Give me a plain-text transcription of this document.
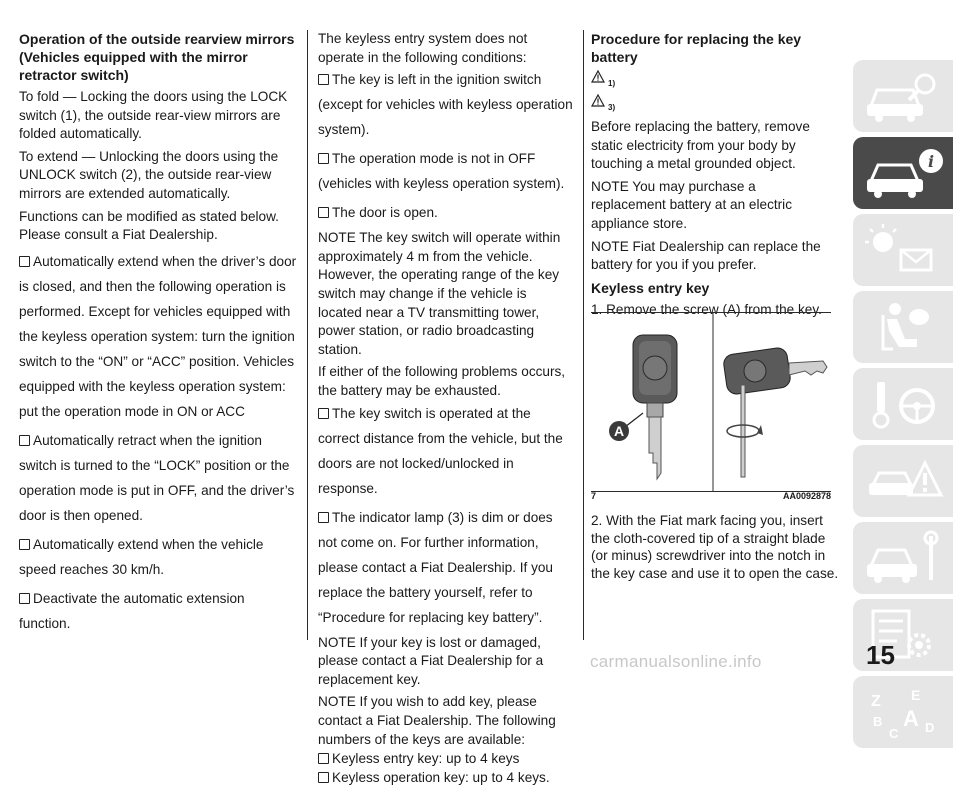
Operation of the outside rearview mirrors (Vehicles equipped with the mirror retractor switch)

To fold — Locking the doors using the LOCK switch (1), the outside rear-view mirrors are folded automatically.

To extend — Unlocking the doors using the UNLOCK switch (2), the outside rear-view mirrors are extended automatically.

Functions can be modified as stated below. Please consult a Fiat Dealership.

Automatically extend when the driver’s door is closed, and then the following operation is performed. Except for vehicles equipped with the keyless operation system: turn the ignition switch to the “ON” or “ACC” position. Vehicles equipped with the keyless operation system: put the operation mode in ON or ACC

Automatically retract when the ignition switch is turned to the “LOCK” position or the operation mode is put in OFF, and the driver’s door is then opened.

Automatically extend when the vehicle speed reaches 30 km/h.

Deactivate the automatic extension function.

The keyless entry system does not operate in the following conditions:

The key is left in the ignition switch (except for vehicles with keyless operation system).

The operation mode is not in OFF (vehicles with keyless operation system).

The door is open.

NOTE The key switch will operate within approximately 4 m from the vehicle. However, the operating range of the key switch may change if the vehicle is located near a TV transmitting tower, power station, or radio broadcasting station.

If either of the following problems occurs, the battery may be exhausted.

The key switch is operated at the correct distance from the vehicle, but the doors are not locked/unlocked in response.

The indicator lamp (3) is dim or does not come on. For further information, please contact a Fiat Dealership. If you replace the battery yourself, refer to “Procedure for replacing key battery”.

NOTE If your key is lost or damaged, please contact a Fiat Dealership for a replacement key.

NOTE If you wish to add key, please contact a Fiat Dealership. The following numbers of the keys are available:

Keyless entry key: up to 4 keys

Keyless operation key: up to 4 keys.

Procedure for replacing the key battery

1)
3)

Before replacing the battery, remove static electricity from your body by touching a metal grounded object.

NOTE You may purchase a replacement battery at an electric appliance store.

NOTE Fiat Dealership can replace the battery for you if you prefer.

Keyless entry key

1. Remove the screw (A) from the key.

A
7	AA0092878
2. With the Fiat mark facing you, insert the cloth-covered tip of a straight blade (or minus) screwdriver into the notch in the key case and use it to open the case.
i
Z E
B A
C D
15
carmanualsonline.info
